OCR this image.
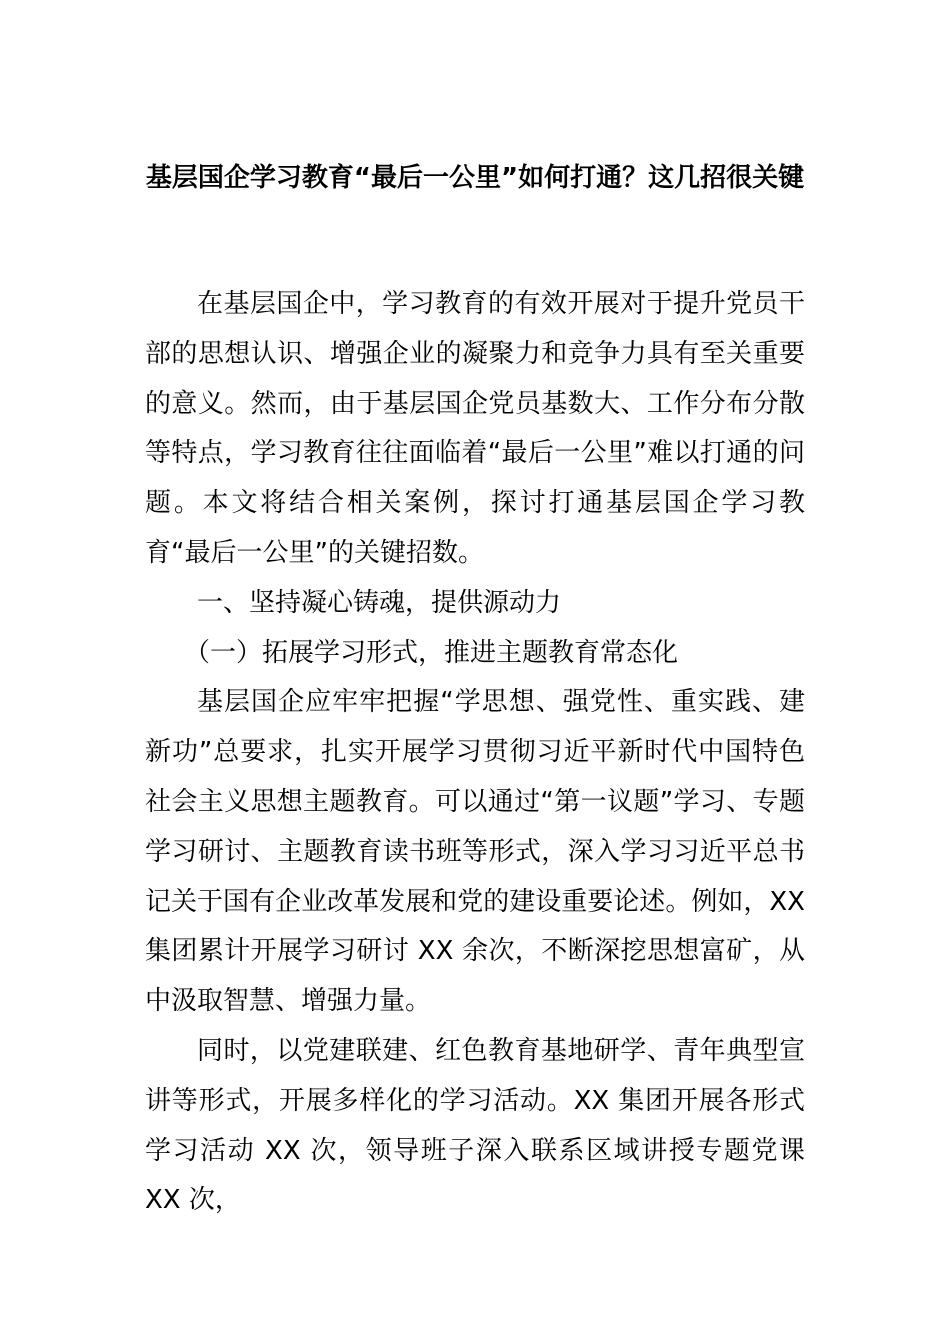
基层国企学习教育“最后一公里”如何打通？这几招很关键

在基层国企中，学习教育的有效开展对于提升党员干部的思想认识、增强企业的凝聚力和竞争力具有至关重要的意义。然而，由于基层国企党员基数大、工作分布分散等特点，学习教育往往面临着“最后一公里”难以打通的问题。本文将结合相关案例，探讨打通基层国企学习教育“最后一公里”的关键招数。

一、坚持凝心铸魂，提供源动力

（一）拓展学习形式，推进主题教育常态化

基层国企应牢牢把握“学思想、强党性、重实践、建新功”总要求，扎实开展学习贯彻习近平新时代中国特色社会主义思想主题教育。可以通过“第一议题”学习、专题学习研讨、主题教育读书班等形式，深入学习习近平总书记关于国有企业改革发展和党的建设重要论述。例如，XX 集团累计开展学习研讨 XX 余次，不断深挖思想富矿，从中汲取智慧、增强力量。

同时，以党建联建、红色教育基地研学、青年典型宣讲等形式，开展多样化的学习活动。XX 集团开展各形式学习活动 XX 次，领导班子深入联系区域讲授专题党课 XX 次，
